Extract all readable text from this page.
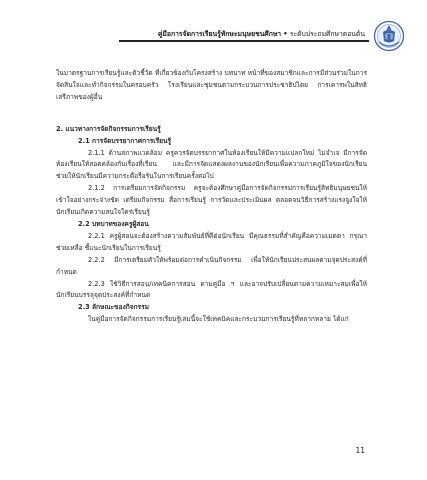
คู่มือการจัดการเรียนรู้ทักษะมนุษยชนศึกษา • ระดับประถมศึกษาตอนต้น

ในมาตรฐานการเรียนรู้และตัวชี้วัด ที่เกี่ยวข้องกับโครงสร้าง บทบาท หน้าที่ของสมาชิกและการมีส่วนร่วมในการจัดสินใจและทำกิจกรรมในครอบครัว โรงเรียนและชุมชนตามกระบวนการประชาธิปไตย การเคารพในสิทธิ เสรีภาพของผู้อื่น

2. แนวทางการจัดกิจกรรมการเรียนรู้

2.1 การจัดบรรยากาศการเรียนรู้

2.1.1 ด้านสภาพแวดล้อม ครูควรจัดบรรยากาศในห้องเรียนให้มีความแปลกใหม่ ไม่จำเจ มีการจัดห้องเรียนให้สอดคล้องกับเรื่องที่เรียน และมีการจัดแสดงผลงานของนักเรียนเพื่อความภาคภูมิใจของนักเรียน ช่วยให้นักเรียนมีความกระตือรือร้นในการเรียนครั้งต่อไป

2.1.2 การเตรียมการจัดกิจกรรม ครูจะต้องศึกษาคู่มือการจัดกิจกรรมการเรียนรู้สิทธิมนุษยชนให้เข้าใจอย่างกระจ่างชัด เตรียมกิจกรรม สื่อการเรียนรู้ การวัดและประเมินผล ตลอดจนวิธีการสร้างแรงจูงใจให้นักเรียนเกิดความสนใจใคร่เรียนรู้

2.2 บทบาทของครูผู้สอน

2.2.1 ครูผู้สอนจะต้องสร้างความสัมพันธ์ที่ดีต่อนักเรียน มีคุณธรรมที่สำคัญคือความเมตตา กรุณา ช่วยเหลือ ชี้แนะนักเรียนในการเรียนรู้

2.2.2 มีการเตรียมตัวให้พร้อมต่อการดำเนินกิจกรรม เพื่อให้นักเรียนประสบผลตามจุดประสงค์ที่กำหนด

2.2.3 ใช้วิธีการสอน/เทคนิคการสอน ตามคู่มือ ฯ และอาจปรับเปลี่ยนตามความเหมาะสมเพื่อให้นักเรียนบรรลุจุดประสงค์ที่กำหนด

2.3 ลักษณะของกิจกรรม

ในคู่มือการจัดกิจกรรมการเรียนรู้เล่มนี้จะใช้เทคนิคและกระบวนการเรียนรู้ที่หลากหลาย ได้แก่

11
